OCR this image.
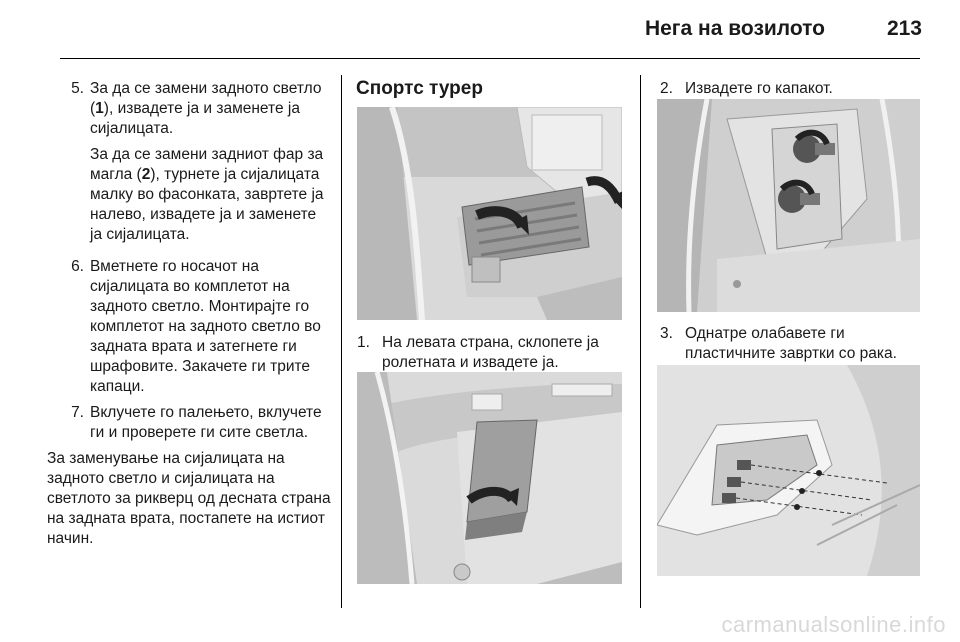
Нега на возилото	213
5. За да се замени задното светло (1), извадете ја и заменете ја сијалицата.

За да се замени задниот фар за магла (2), турнете ја сијалицата малку во фасонката, завртете ја налево, извадете ја и заменете ја сијалицата.

6. Вметнете го носачот на сијалицата во комплетот на задното светло. Монтирајте го комплетот на задното светло во задната врата и затегнете ги шрафовите. Закачете ги трите капаци.
7. Вклучете го палењето, вклучете ги и проверете ги сите светла.

За заменување на сијалицата на задното светло и сијалицата на светлото за рикверц од десната страна на задната врата, постапете на истиот начин.

Спортс турер
1. На левата страна, склопете ја ролетната и извадете ја.
2. Извадете го капакот.
3. Однатре олабавете ги пластичните завртки со рака.
carmanualsonline.info
